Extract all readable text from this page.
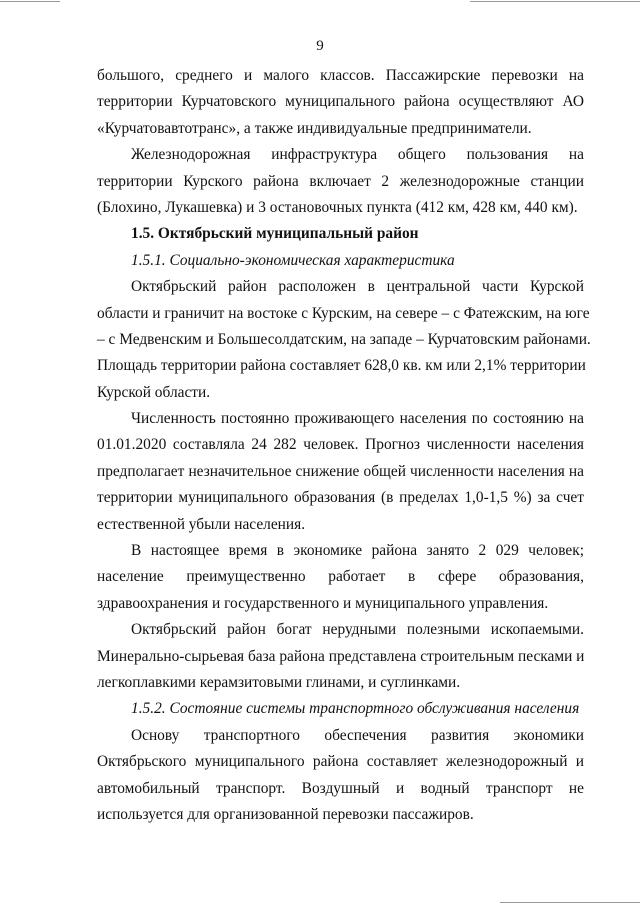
9
большого, среднего и малого классов. Пассажирские перевозки на
территории Курчатовского муниципального района осуществляют АО
«Курчатовавтотранс», а также индивидуальные предприниматели.
Железнодорожная инфраструктура общего пользования на
территории Курского района включает 2 железнодорожные станции
(Блохино, Лукашевка) и 3 остановочных пункта (412 км, 428 км, 440 км).
1.5. Октябрьский муниципальный район
1.5.1. Социально-экономическая характеристика
Октябрьский район расположен в центральной части Курской
области и граничит на востоке с Курским, на севере – с Фатежским, на юге
– с Медвенским и Большесолдатским, на западе – Курчатовским районами.
Площадь территории района составляет 628,0 кв. км или 2,1% территории
Курской области.
Численность постоянно проживающего населения по состоянию на
01.01.2020 составляла 24 282 человек. Прогноз численности населения
предполагает незначительное снижение общей численности населения на
территории муниципального образования (в пределах 1,0-1,5 %) за счет
естественной убыли населения.
В настоящее время в экономике района занято 2 029 человек;
население преимущественно работает в сфере образования,
здравоохранения и государственного и муниципального управления.
Октябрьский район богат нерудными полезными ископаемыми.
Минерально-сырьевая база района представлена строительным песками и
легкоплавкими керамзитовыми глинами, и суглинками.
1.5.2. Состояние системы транспортного обслуживания населения
Основу транспортного обеспечения развития экономики
Октябрьского муниципального района составляет железнодорожный и
автомобильный транспорт. Воздушный и водный транспорт не
используется для организованной перевозки пассажиров.
